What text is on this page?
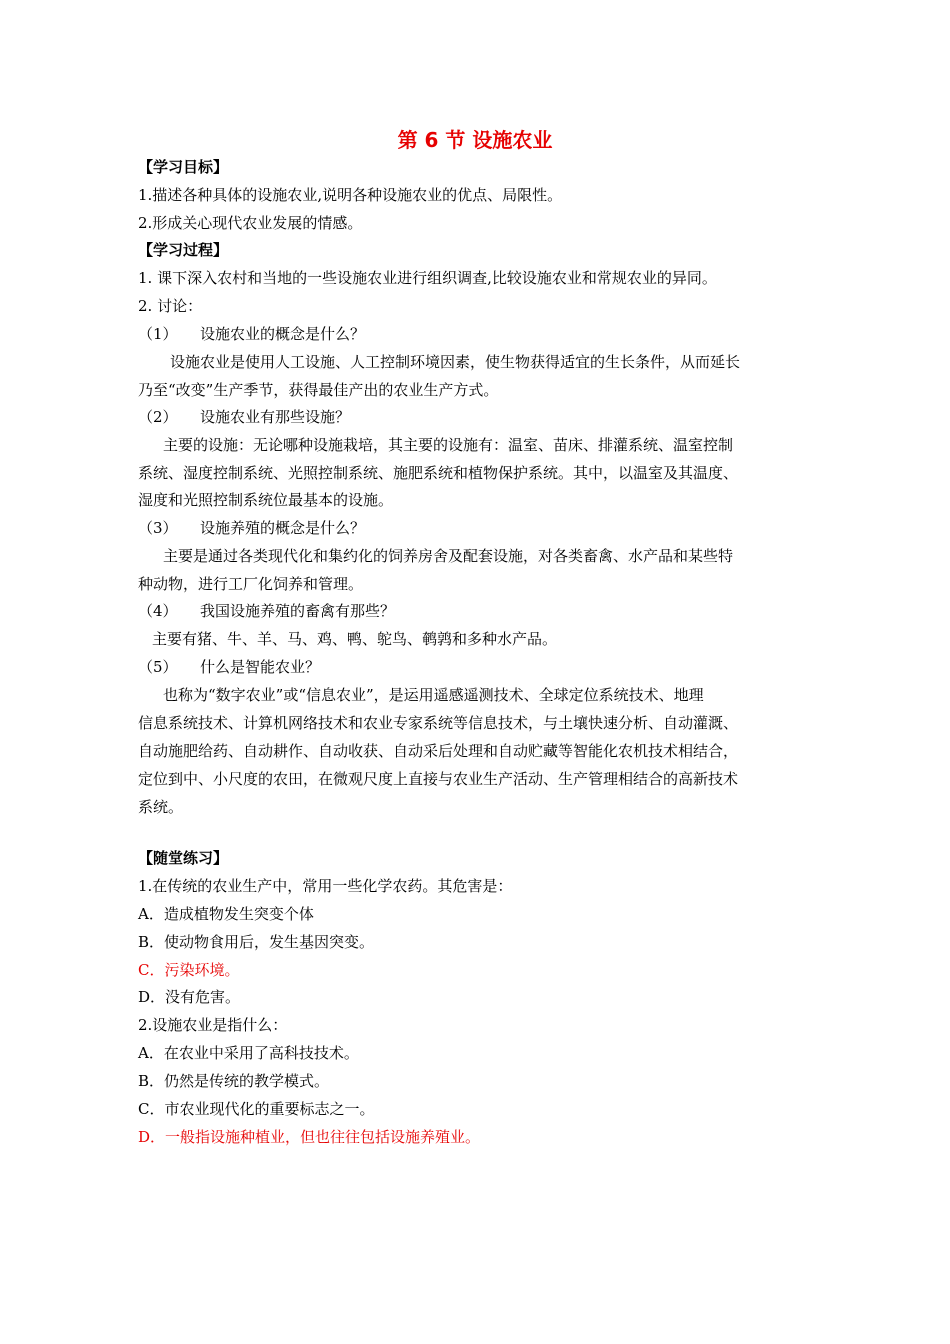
第 6 节 设施农业
【学习目标】
1.描述各种具体的设施农业,说明各种设施农业的优点、局限性。
2.形成关心现代农业发展的情感。
【学习过程】
1. 课下深入农村和当地的一些设施农业进行组织调查,比较设施农业和常规农业的异同。
2. 讨论：
（1） 设施农业的概念是什么？
设施农业是使用人工设施、人工控制环境因素，使生物获得适宜的生长条件，从而延长
乃至“改变”生产季节，获得最佳产出的农业生产方式。
（2） 设施农业有那些设施？
主要的设施：无论哪种设施栽培，其主要的设施有：温室、苗床、排灌系统、温室控制
系统、湿度控制系统、光照控制系统、施肥系统和植物保护系统。其中，以温室及其温度、
湿度和光照控制系统位最基本的设施。
（3） 设施养殖的概念是什么？
主要是通过各类现代化和集约化的饲养房舍及配套设施，对各类畜禽、水产品和某些特
种动物，进行工厂化饲养和管理。
（4） 我国设施养殖的畜禽有那些？
主要有猪、牛、羊、马、鸡、鸭、鸵鸟、鹌鹑和多种水产品。
（5） 什么是智能农业？
也称为“数字农业”或“信息农业”，是运用遥感遥测技术、全球定位系统技术、地理
信息系统技术、计算机网络技术和农业专家系统等信息技术，与土壤快速分析、自动灌溉、
自动施肥给药、自动耕作、自动收获、自动采后处理和自动贮藏等智能化农机技术相结合，
定位到中、小尺度的农田，在微观尺度上直接与农业生产活动、生产管理相结合的高新技术
系统。
【随堂练习】
1.在传统的农业生产中，常用一些化学农药。其危害是：
A．造成植物发生突变个体
B．使动物食用后，发生基因突变。
C．污染环境。
D．没有危害。
2.设施农业是指什么：
A．在农业中采用了高科技技术。
B．仍然是传统的教学模式。
C．市农业现代化的重要标志之一。
D．一般指设施种植业，但也往往包括设施养殖业。
